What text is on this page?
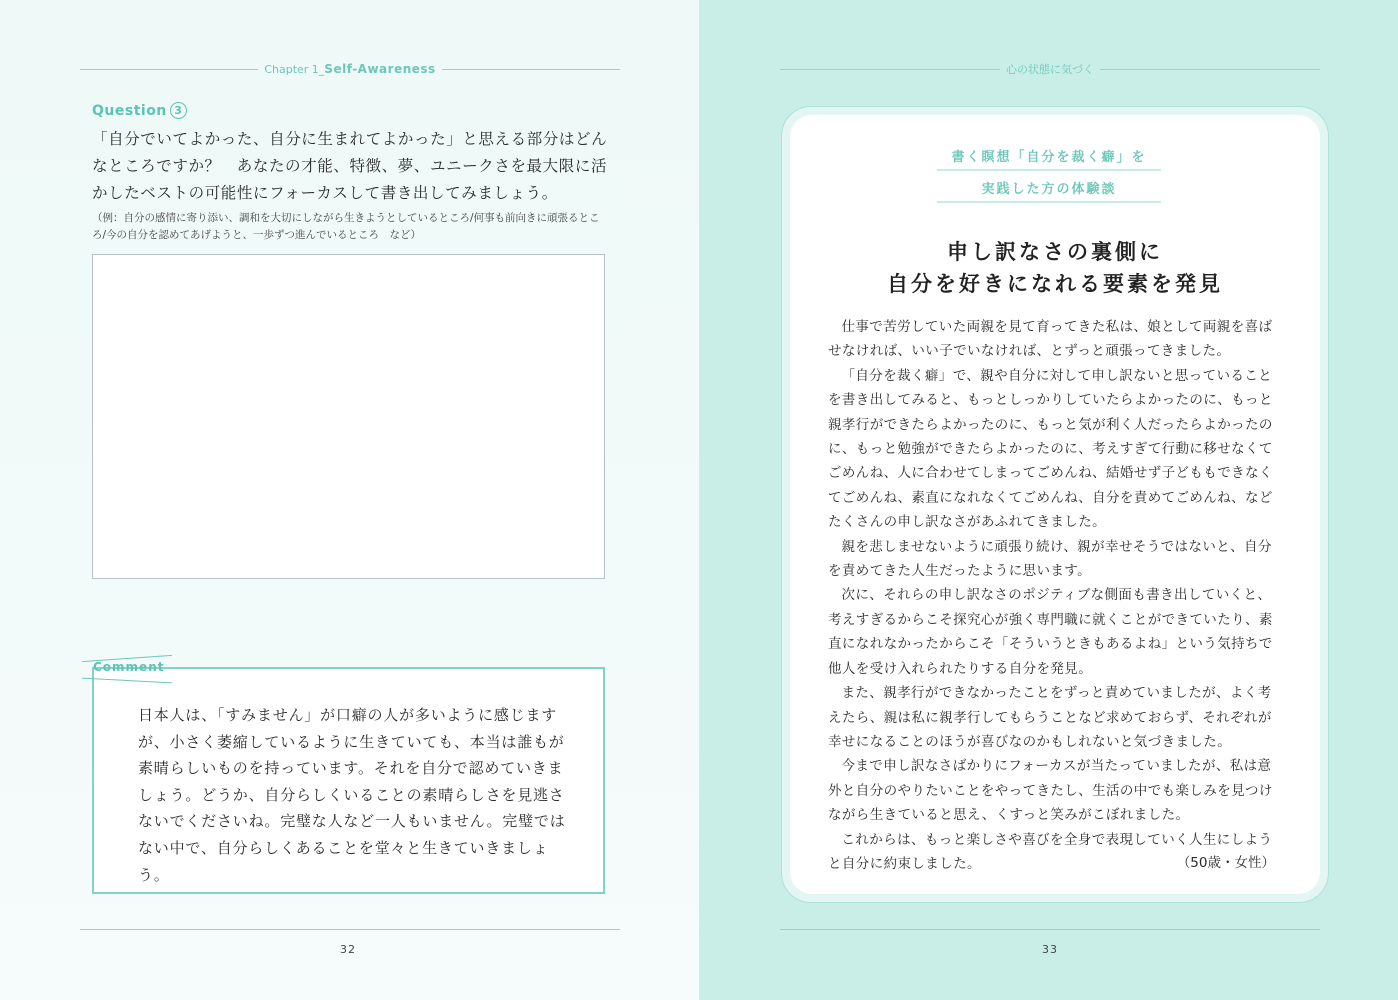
Chapter 1_Self-Awareness
Question 3
「自分でいてよかった、自分に生まれてよかった」と思える部分はどんなところですか？　あなたの才能、特徴、夢、ユニークさを最大限に活かしたベストの可能性にフォーカスして書き出してみましょう。
（例：自分の感情に寄り添い、調和を大切にしながら生きようとしているところ/何事も前向きに頑張るところ/今の自分を認めてあげようと、一歩ずつ進んでいるところ　など）
Comment
日本人は、「すみません」が口癖の人が多いように感じますが、小さく萎縮しているように生きていても、本当は誰もが素晴らしいものを持っています。それを自分で認めていきましょう。どうか、自分らしくいることの素晴らしさを見逃さないでくださいね。完璧な人など一人もいません。完璧ではない中で、自分らしくあることを堂々と生きていきましょう。
32
心の状態に気づく
書く瞑想「自分を裁く癖」を
実践した方の体験談
申し訳なさの裏側に
自分を好きになれる要素を発見

仕事で苦労していた両親を見て育ってきた私は、娘として両親を喜ばせなければ、いい子でいなければ、とずっと頑張ってきました。

「自分を裁く癖」で、親や自分に対して申し訳ないと思っていることを書き出してみると、もっとしっかりしていたらよかったのに、もっと親孝行ができたらよかったのに、もっと気が利く人だったらよかったのに、もっと勉強ができたらよかったのに、考えすぎて行動に移せなくてごめんね、人に合わせてしまってごめんね、結婚せず子どももできなくてごめんね、素直になれなくてごめんね、自分を責めてごめんね、などたくさんの申し訳なさがあふれてきました。

親を悲しませないように頑張り続け、親が幸せそうではないと、自分を責めてきた人生だったように思います。

次に、それらの申し訳なさのポジティブな側面も書き出していくと、考えすぎるからこそ探究心が強く専門職に就くことができていたり、素直になれなかったからこそ「そういうときもあるよね」という気持ちで他人を受け入れられたりする自分を発見。

また、親孝行ができなかったことをずっと責めていましたが、よく考えたら、親は私に親孝行してもらうことなど求めておらず、それぞれが幸せになることのほうが喜びなのかもしれないと気づきました。

今まで申し訳なさばかりにフォーカスが当たっていましたが、私は意外と自分のやりたいことをやってきたし、生活の中でも楽しみを見つけながら生きていると思え、くすっと笑みがこぼれました。

これからは、もっと楽しさや喜びを全身で表現していく人生にしようと自分に約束しました。	（50歳・女性）
33
